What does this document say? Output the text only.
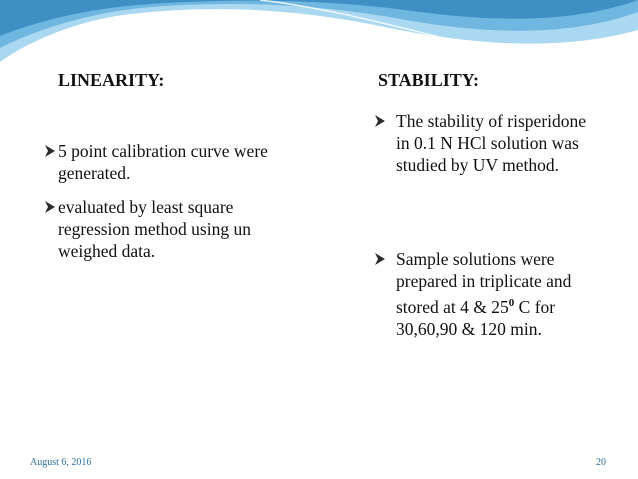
LINEARITY:	STABILITY:
5 point calibration curve were generated.
evaluated by least square regression method using un weighed data.
The stability of risperidone in 0.1 N HCl solution was studied by UV method.
Sample solutions were prepared in triplicate and stored at 4 & $25^0$ C for 30,60,90 & 120 min.
August 6, 2016	20
